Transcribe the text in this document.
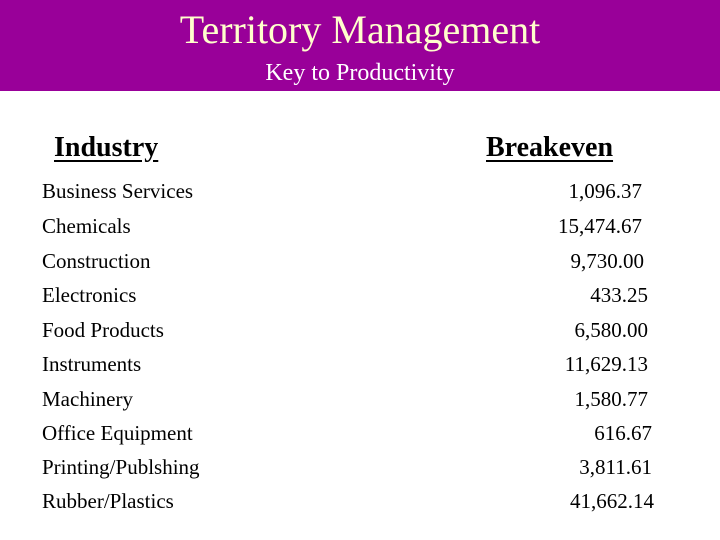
Territory Management
Key to Productivity
Industry	Breakeven
Business Services	1,096.37
Chemicals	15,474.67
Construction	9,730.00
Electronics	433.25
Food Products	6,580.00
Instruments	11,629.13
Machinery	1,580.77
Office Equipment	616.67
Printing/Publshing	3,811.61
Rubber/Plastics	41,662.14
